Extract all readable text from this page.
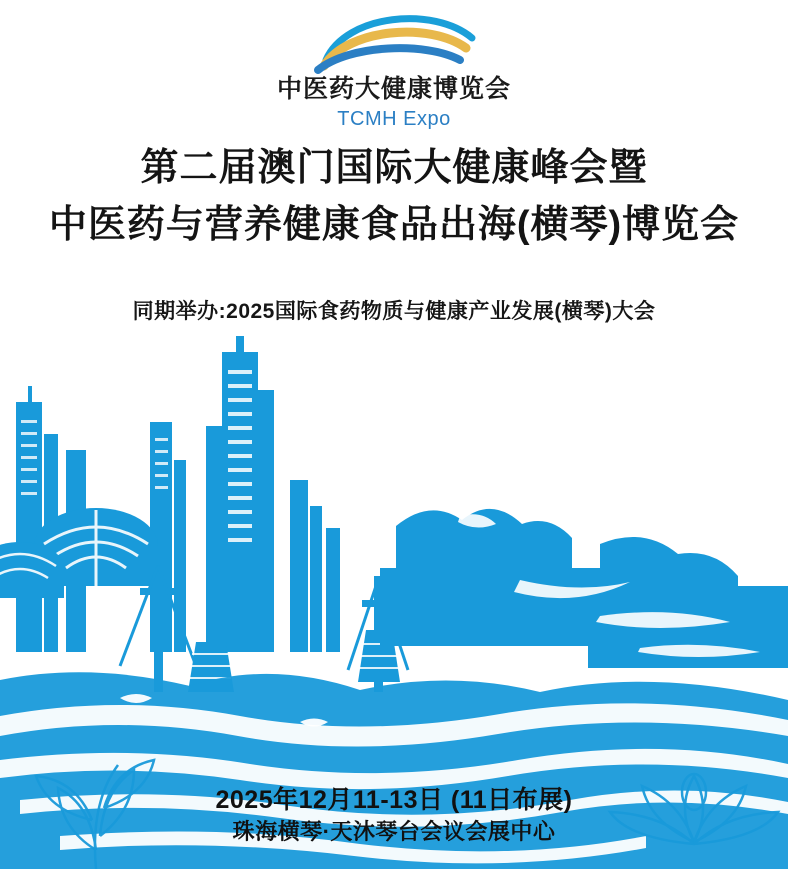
中医药大健康博览会
TCMH Expo
第二届澳门国际大健康峰会暨
中医药与营养健康食品出海(横琴)博览会
同期举办:2025国际食药物质与健康产业发展(横琴)大会
2025年12月11-13日 (11日布展)
珠海横琴·天沐琴台会议会展中心
